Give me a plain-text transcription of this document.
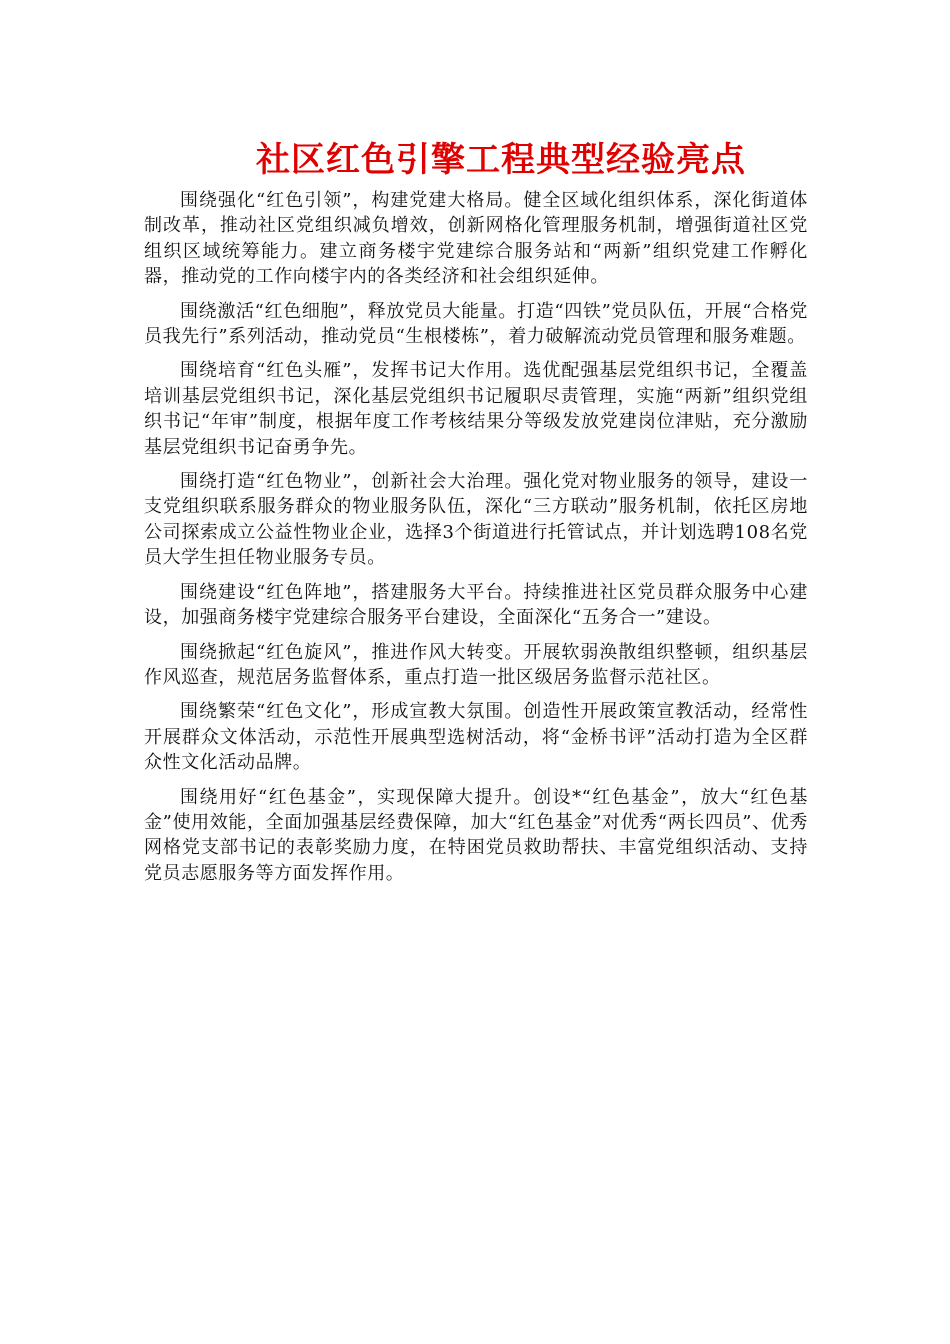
社区红色引擎工程典型经验亮点

围绕强化“红色引领”，构建党建大格局。健全区域化组织体系，深化街道体制改革，推动社区党组织减负增效，创新网格化管理服务机制，增强街道社区党组织区域统筹能力。建立商务楼宇党建综合服务站和“两新”组织党建工作孵化器，推动党的工作向楼宇内的各类经济和社会组织延伸。

围绕激活“红色细胞”，释放党员大能量。打造“四铁”党员队伍，开展“合格党员我先行”系列活动，推动党员“生根楼栋”，着力破解流动党员管理和服务难题。

围绕培育“红色头雁”，发挥书记大作用。选优配强基层党组织书记，全覆盖培训基层党组织书记，深化基层党组织书记履职尽责管理，实施“两新”组织党组织书记“年审”制度，根据年度工作考核结果分等级发放党建岗位津贴，充分激励基层党组织书记奋勇争先。

围绕打造“红色物业”，创新社会大治理。强化党对物业服务的领导，建设一支党组织联系服务群众的物业服务队伍，深化“三方联动”服务机制，依托区房地公司探索成立公益性物业企业，选择3个街道进行托管试点，并计划选聘108名党员大学生担任物业服务专员。

围绕建设“红色阵地”，搭建服务大平台。持续推进社区党员群众服务中心建设，加强商务楼宇党建综合服务平台建设，全面深化“五务合一”建设。

围绕掀起“红色旋风”，推进作风大转变。开展软弱涣散组织整顿，组织基层作风巡查，规范居务监督体系，重点打造一批区级居务监督示范社区。

围绕繁荣“红色文化”，形成宣教大氛围。创造性开展政策宣教活动，经常性开展群众文体活动，示范性开展典型选树活动，将“金桥书评”活动打造为全区群众性文化活动品牌。

围绕用好“红色基金”，实现保障大提升。创设*“红色基金”，放大“红色基金”使用效能，全面加强基层经费保障，加大“红色基金”对优秀“两长四员”、优秀网格党支部书记的表彰奖励力度，在特困党员救助帮扶、丰富党组织活动、支持党员志愿服务等方面发挥作用。
